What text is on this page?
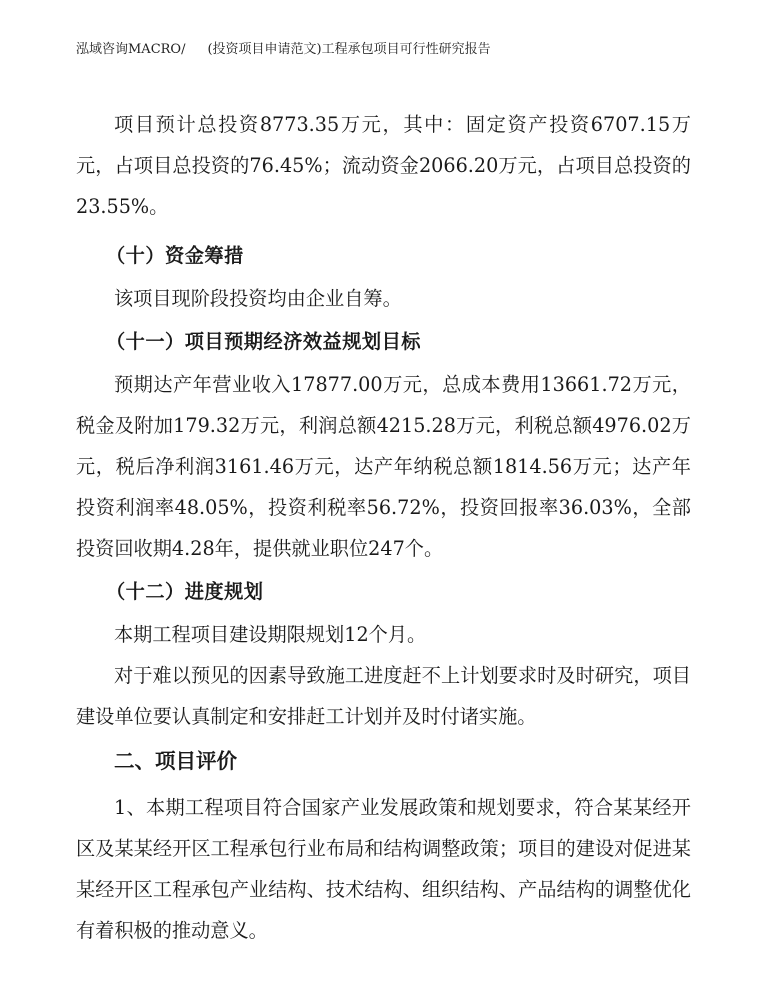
泓域咨询MACRO/ (投资项目申请范文)工程承包项目可行性研究报告

项目预计总投资8773.35万元，其中：固定资产投资6707.15万元，占项目总投资的76.45%；流动资金2066.20万元，占项目总投资的23.55%。

（十）资金筹措

该项目现阶段投资均由企业自筹。

（十一）项目预期经济效益规划目标

预期达产年营业收入17877.00万元，总成本费用13661.72万元，税金及附加179.32万元，利润总额4215.28万元，利税总额4976.02万元，税后净利润3161.46万元，达产年纳税总额1814.56万元；达产年投资利润率48.05%，投资利税率56.72%，投资回报率36.03%，全部投资回收期4.28年，提供就业职位247个。

（十二）进度规划

本期工程项目建设期限规划12个月。

对于难以预见的因素导致施工进度赶不上计划要求时及时研究，项目建设单位要认真制定和安排赶工计划并及时付诸实施。

二、项目评价

1、本期工程项目符合国家产业发展政策和规划要求，符合某某经开区及某某经开区工程承包行业布局和结构调整政策；项目的建设对促进某某经开区工程承包产业结构、技术结构、组织结构、产品结构的调整优化有着积极的推动意义。
